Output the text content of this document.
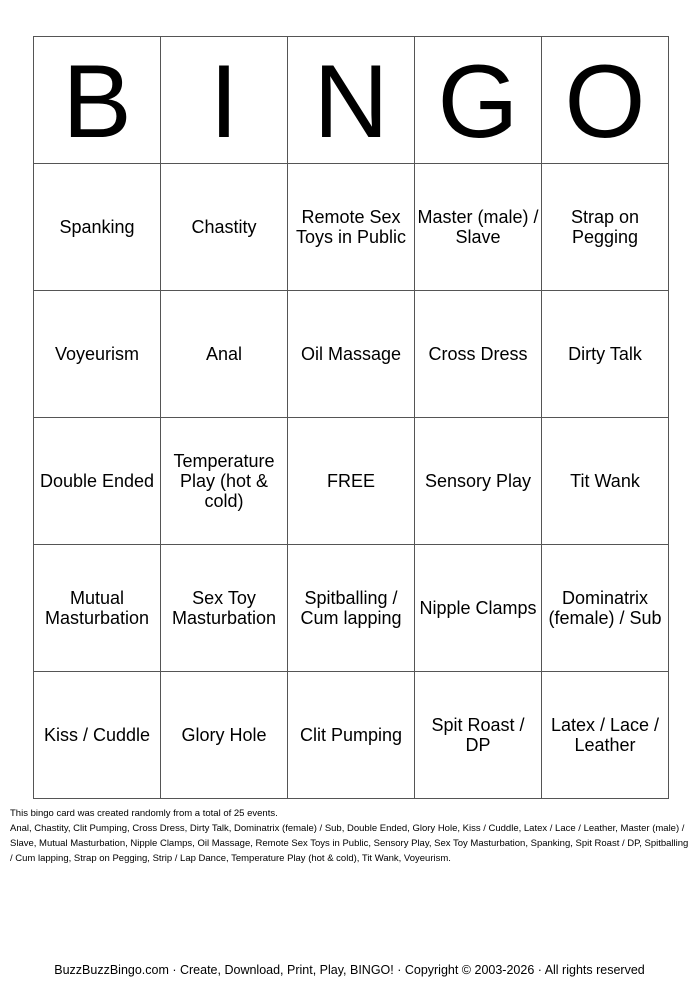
B	I	N	G	O
Spanking	Chastity	Remote Sex Toys in Public	Master (male) / Slave	Strap on Pegging
Voyeurism	Anal	Oil Massage	Cross Dress	Dirty Talk
Double Ended	Temperature Play (hot & cold)	FREE	Sensory Play	Tit Wank
Mutual Masturbation	Sex Toy Masturbation	Spitballing / Cum lapping	Nipple Clamps	Dominatrix (female) / Sub
Kiss / Cuddle	Glory Hole	Clit Pumping	Spit Roast / DP	Latex / Lace / Leather
This bingo card was created randomly from a total of 25 events.
Anal, Chastity, Clit Pumping, Cross Dress, Dirty Talk, Dominatrix (female) / Sub, Double Ended, Glory Hole, Kiss / Cuddle, Latex / Lace / Leather, Master (male) / Slave, Mutual Masturbation, Nipple Clamps, Oil Massage, Remote Sex Toys in Public, Sensory Play, Sex Toy Masturbation, Spanking, Spit Roast / DP, Spitballing / Cum lapping, Strap on Pegging, Strip / Lap Dance, Temperature Play (hot & cold), Tit Wank, Voyeurism.
BuzzBuzzBingo.com · Create, Download, Print, Play, BINGO! · Copyright © 2003-2026 · All rights reserved
